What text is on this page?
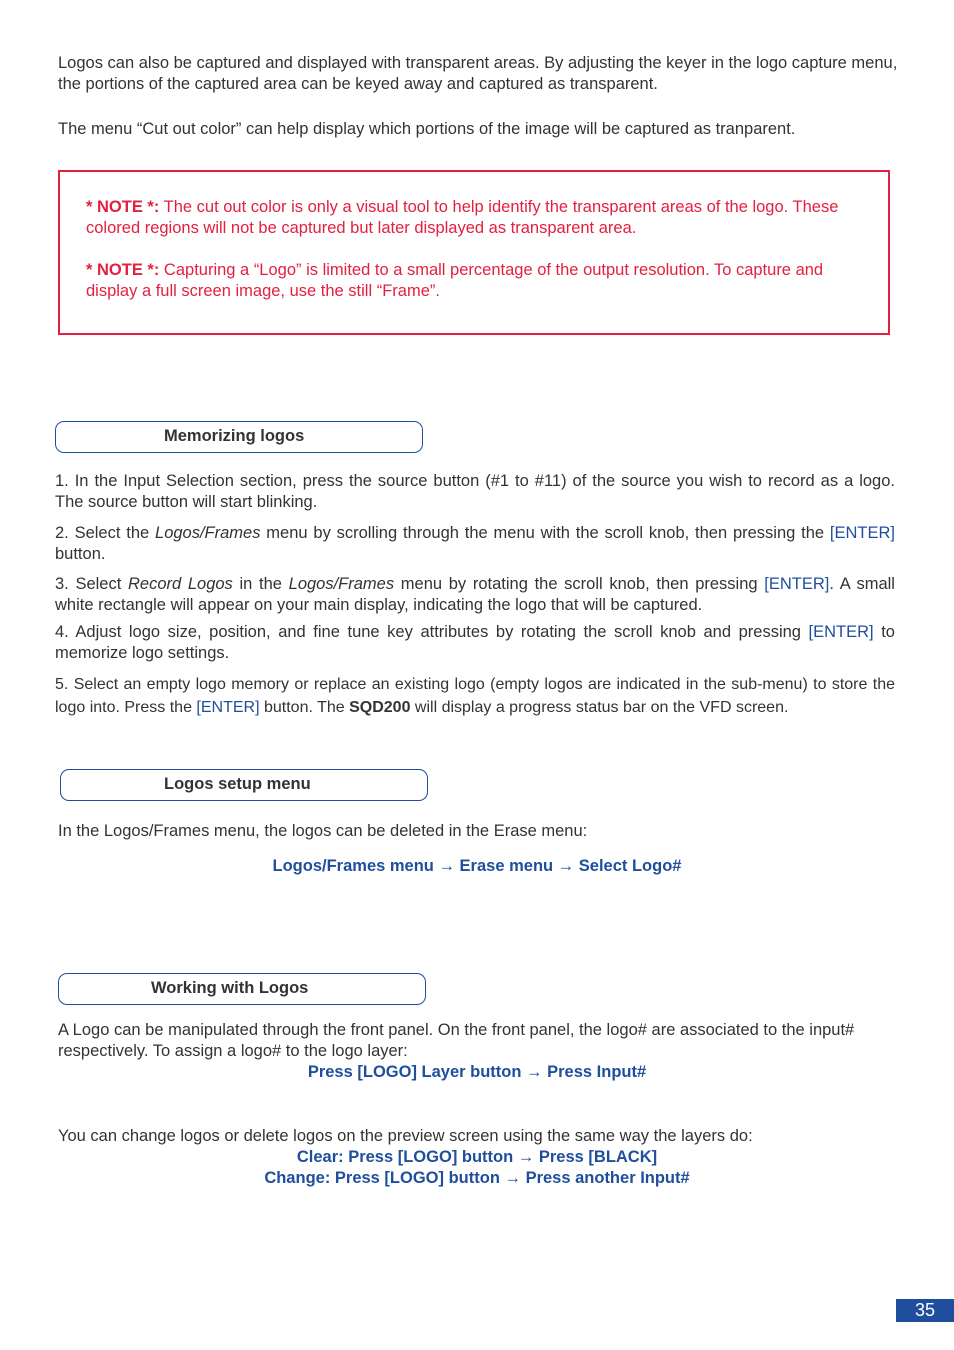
Logos can also be captured and displayed with transparent areas. By adjusting the keyer in the logo capture menu, the portions of the captured area can be keyed away and captured as transparent.

The menu “Cut out color” can help display which portions of the image will be captured as tranparent.

* NOTE *: The cut out color is only a visual tool to help identify the transparent areas of the logo. These colored regions will not be captured but later displayed as transparent area.

* NOTE *: Capturing a “Logo” is limited to a small percentage of the output resolution. To capture and display a full screen image, use the still “Frame”.

Memorizing logos

1. In the Input Selection section, press the source button (#1 to #11) of the source you wish to record as a logo. The source button will start blinking.

2. Select the Logos/Frames menu by scrolling through the menu with the scroll knob, then pressing the [ENTER] button.

3. Select Record Logos in the Logos/Frames menu by rotating the scroll knob, then pressing [ENTER]. A small white rectangle will appear on your main display, indicating the logo that will be captured.

4. Adjust logo size, position, and fine tune key attributes by rotating the scroll knob and pressing [ENTER] to memorize logo settings.

5. Select an empty logo memory or replace an existing logo (empty logos are indicated in the sub-menu) to store the logo into. Press the [ENTER] button. The SQD200 will display a progress status bar on the VFD screen.

Logos setup menu

In the Logos/Frames menu, the logos can be deleted in the Erase menu:

Logos/Frames menu → Erase menu → Select Logo#

Working with Logos

A Logo can be manipulated through the front panel. On the front panel, the logo# are associated to the input# respectively. To assign a logo# to the logo layer:

Press [LOGO] Layer button → Press Input#

You can change logos or delete logos on the preview screen using the same way the layers do:

Clear: Press [LOGO] button → Press [BLACK]

Change: Press [LOGO] button → Press another Input#

35
